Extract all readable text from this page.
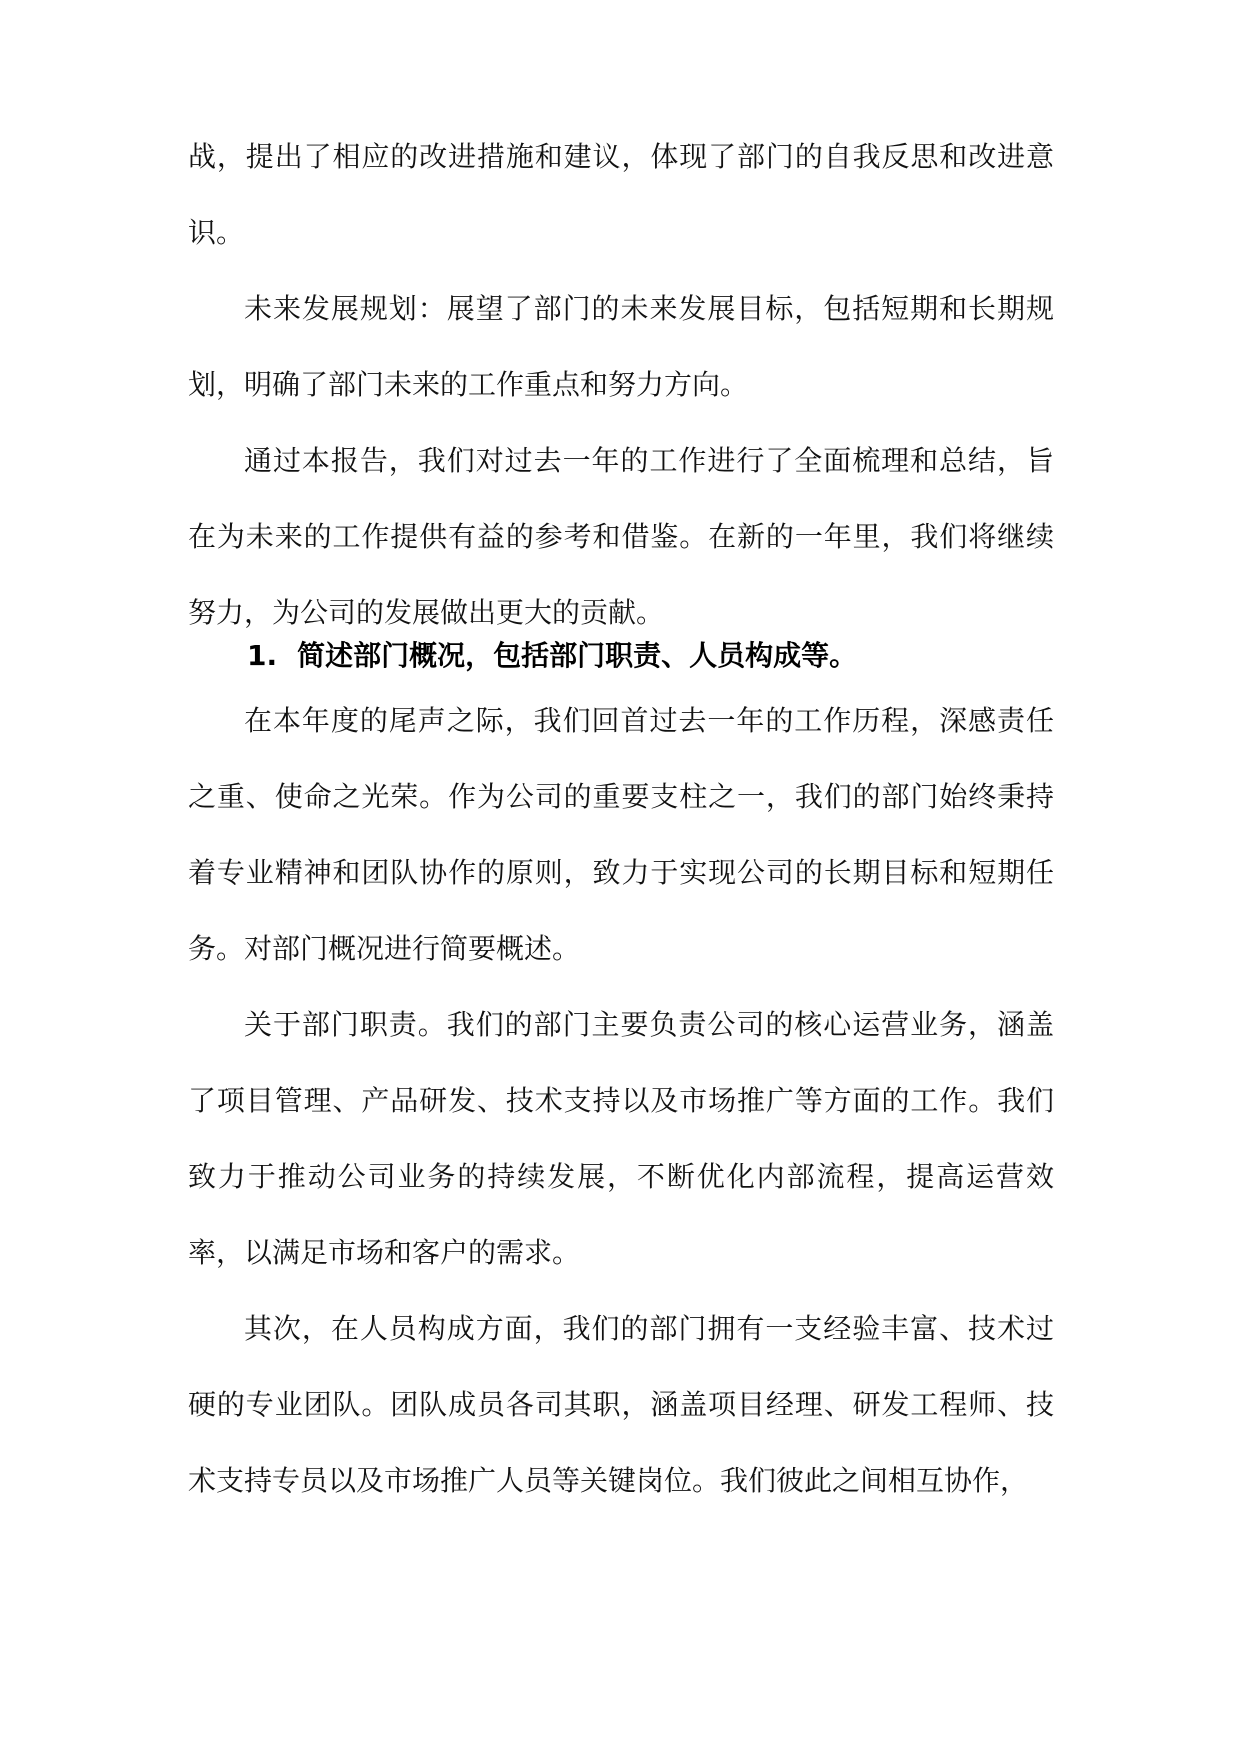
战，提出了相应的改进措施和建议，体现了部门的自我反思和改进意识。

未来发展规划：展望了部门的未来发展目标，包括短期和长期规划，明确了部门未来的工作重点和努力方向。

通过本报告，我们对过去一年的工作进行了全面梳理和总结，旨在为未来的工作提供有益的参考和借鉴。在新的一年里，我们将继续努力，为公司的发展做出更大的贡献。

1. 简述部门概况，包括部门职责、人员构成等。

在本年度的尾声之际，我们回首过去一年的工作历程，深感责任之重、使命之光荣。作为公司的重要支柱之一，我们的部门始终秉持着专业精神和团队协作的原则，致力于实现公司的长期目标和短期任务。对部门概况进行简要概述。

关于部门职责。我们的部门主要负责公司的核心运营业务，涵盖了项目管理、产品研发、技术支持以及市场推广等方面的工作。我们致力于推动公司业务的持续发展，不断优化内部流程，提高运营效率，以满足市场和客户的需求。

其次，在人员构成方面，我们的部门拥有一支经验丰富、技术过硬的专业团队。团队成员各司其职，涵盖项目经理、研发工程师、技术支持专员以及市场推广人员等关键岗位。我们彼此之间相互协作，
